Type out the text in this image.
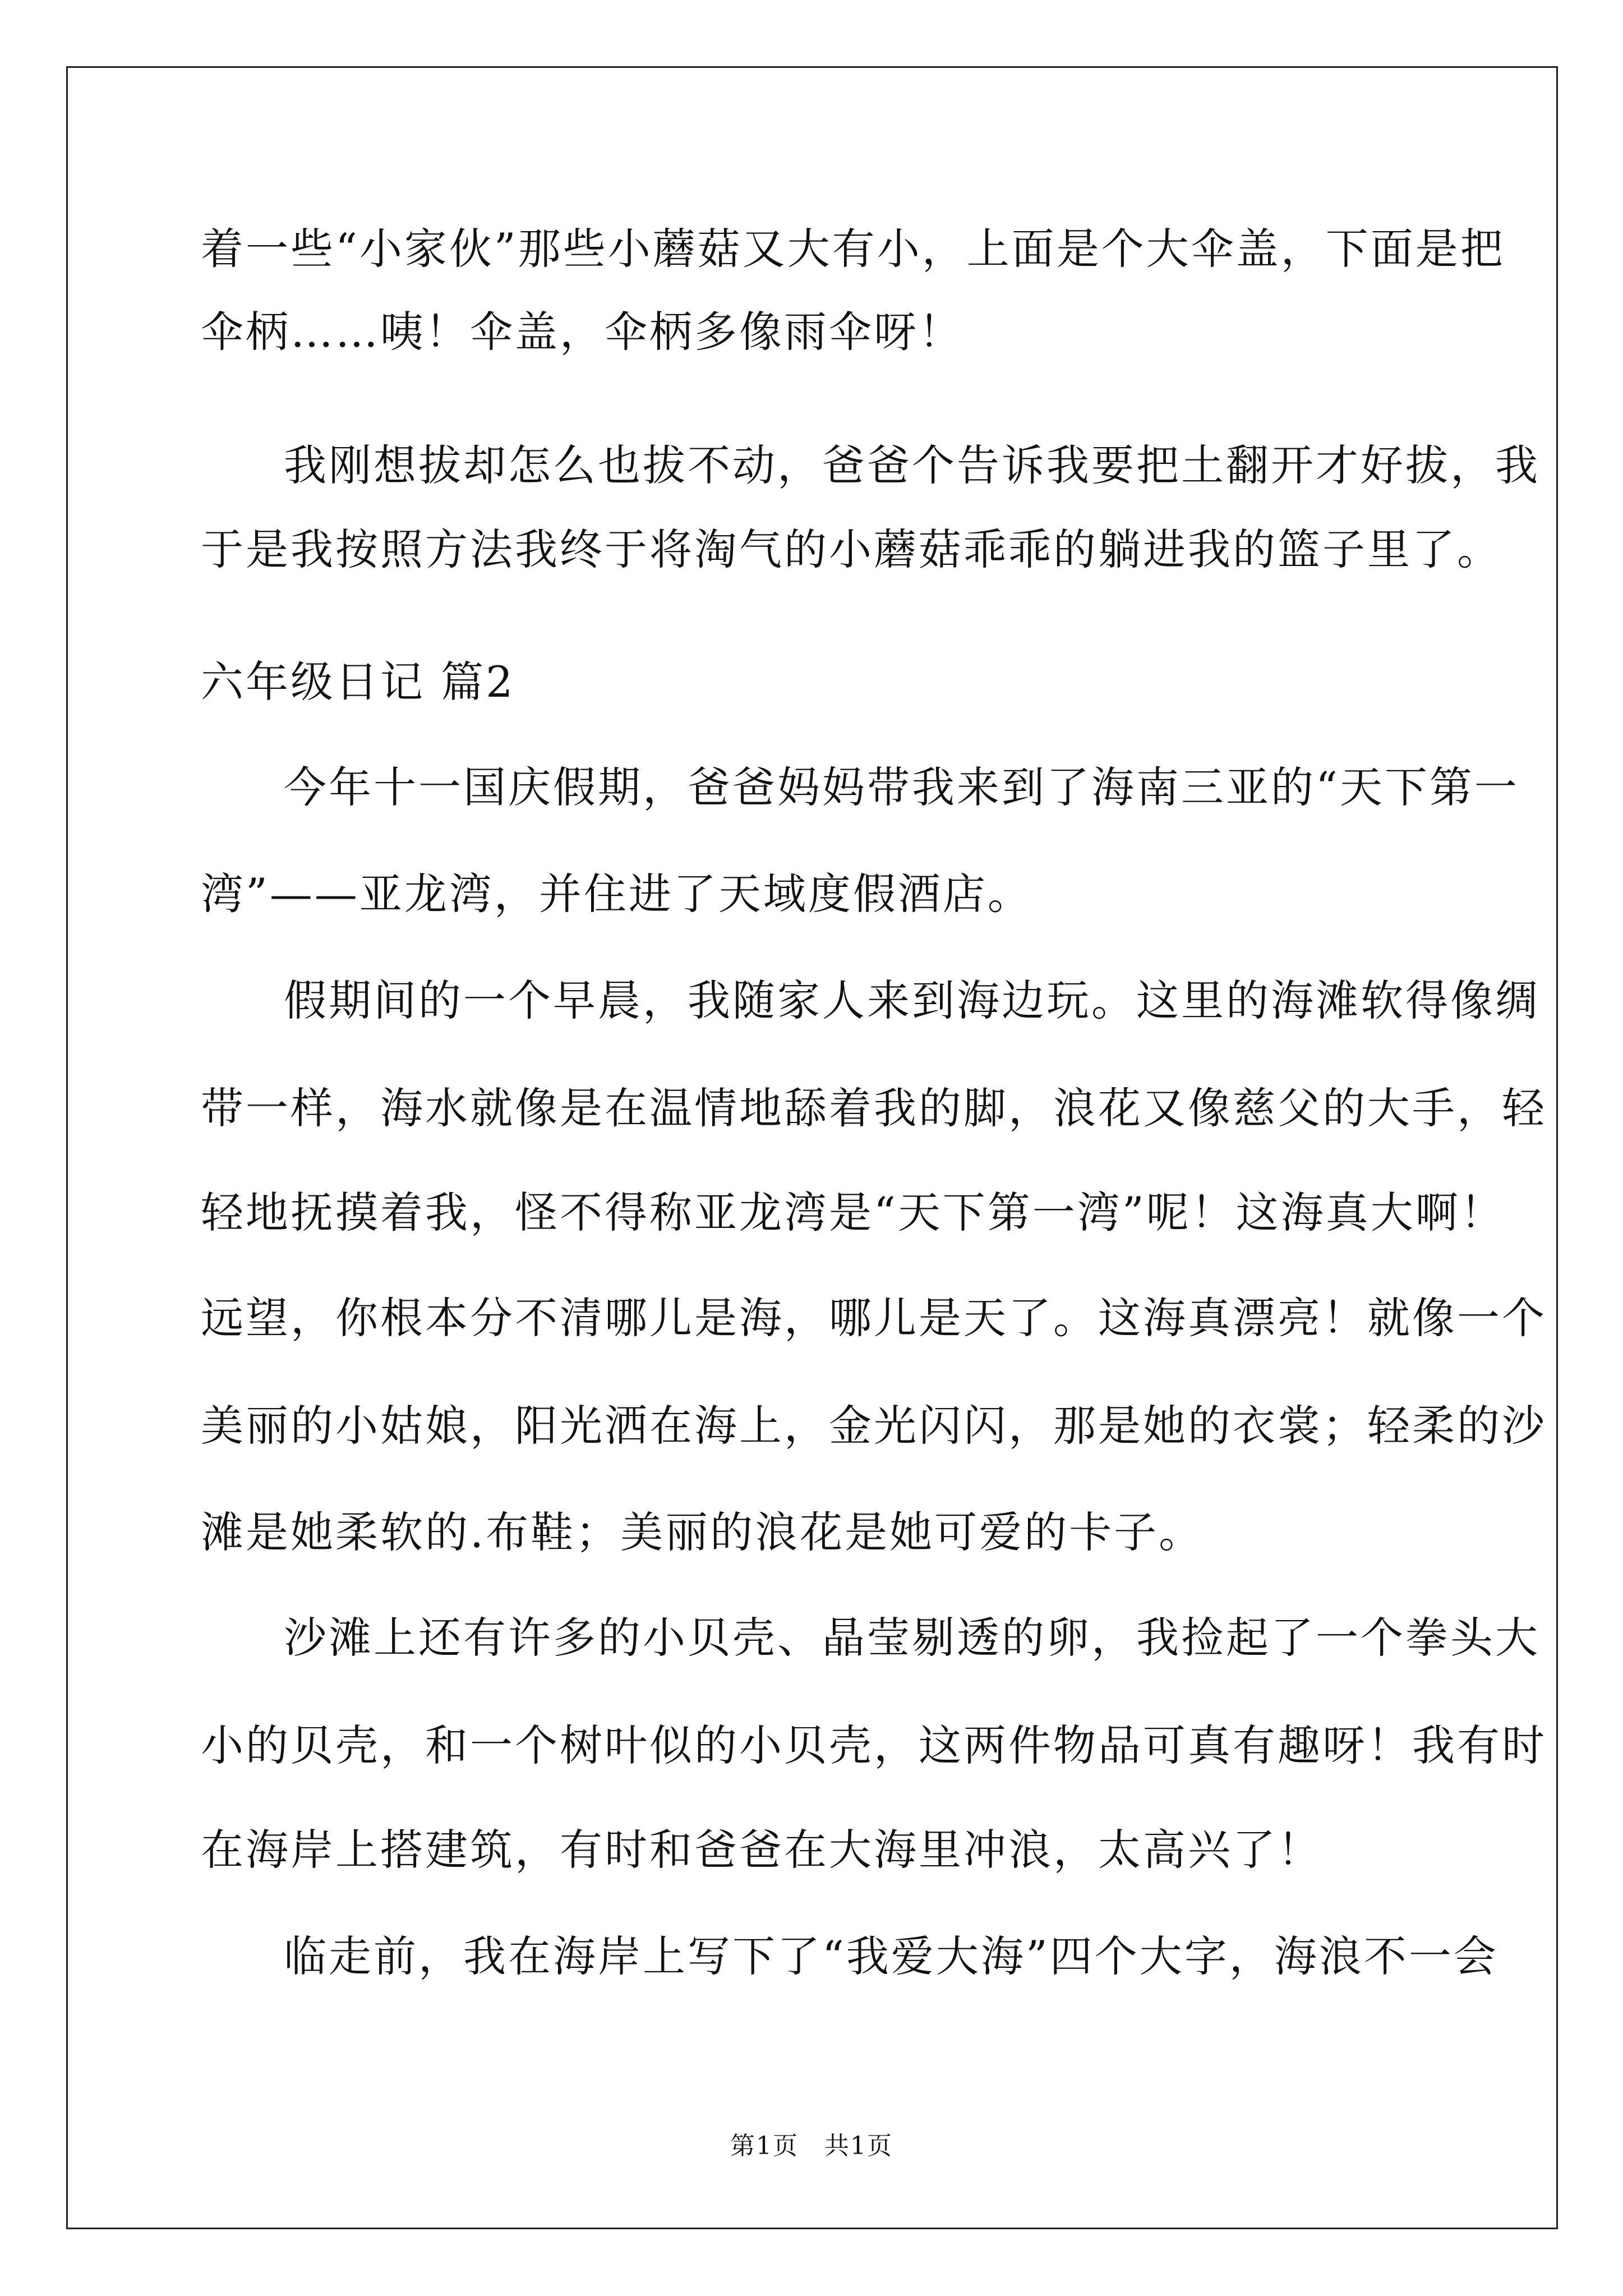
着一些“小家伙”那些小蘑菇又大有小，上面是个大伞盖，下面是把
伞柄……咦！伞盖，伞柄多像雨伞呀！
我刚想拔却怎么也拔不动，爸爸个告诉我要把土翻开才好拔，我
于是我按照方法我终于将淘气的小蘑菇乖乖的躺进我的篮子里了。
六年级日记 篇2
今年十一国庆假期，爸爸妈妈带我来到了海南三亚的“天下第一
湾”——亚龙湾，并住进了天域度假酒店。
假期间的一个早晨，我随家人来到海边玩。这里的海滩软得像绸
带一样，海水就像是在温情地舔着我的脚，浪花又像慈父的大手，轻
轻地抚摸着我，怪不得称亚龙湾是“天下第一湾”呢！这海真大啊！
远望，你根本分不清哪儿是海，哪儿是天了。这海真漂亮！就像一个
美丽的小姑娘，阳光洒在海上，金光闪闪，那是她的衣裳；轻柔的沙
滩是她柔软的.布鞋；美丽的浪花是她可爱的卡子。
沙滩上还有许多的小贝壳、晶莹剔透的卵，我捡起了一个拳头大
小的贝壳，和一个树叶似的小贝壳，这两件物品可真有趣呀！我有时
在海岸上搭建筑，有时和爸爸在大海里冲浪，太高兴了！
临走前，我在海岸上写下了“我爱大海”四个大字，海浪不一会
第1页　共1页
